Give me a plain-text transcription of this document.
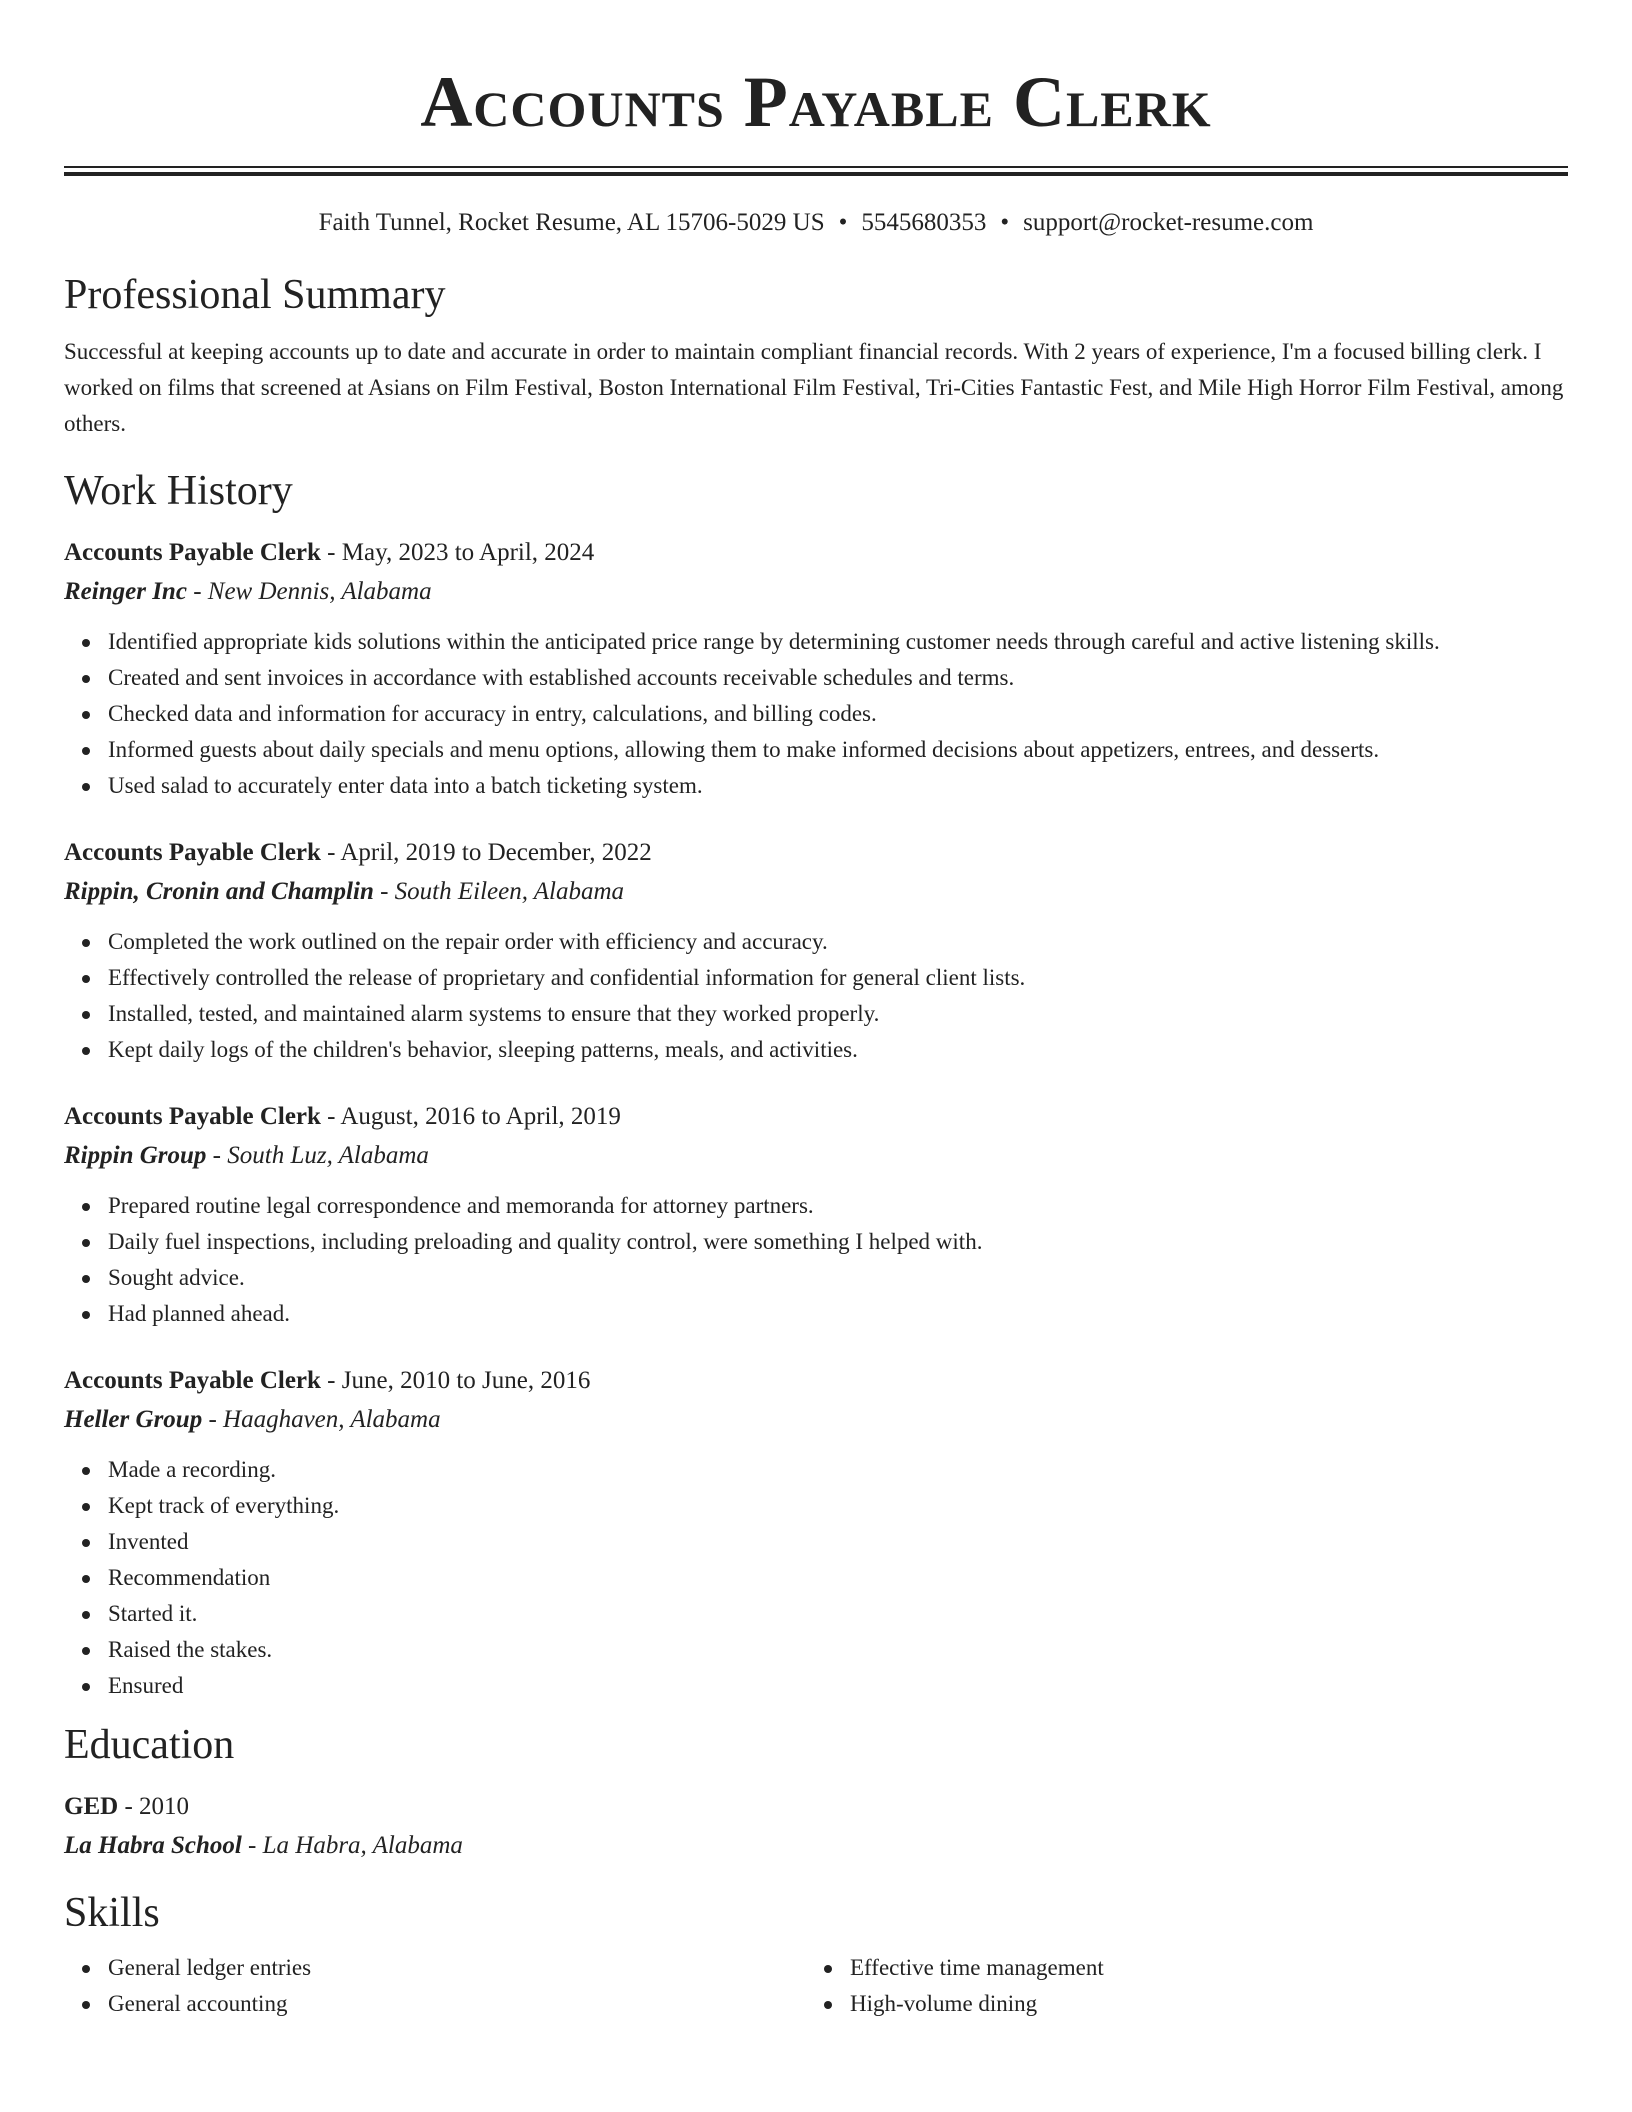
Accounts Payable Clerk
Faith Tunnel, Rocket Resume, AL 15706-5029 US • 5545680353 • support@rocket-resume.com
Professional Summary
Successful at keeping accounts up to date and accurate in order to maintain compliant financial records. With 2 years of experience, I'm a focused billing clerk. I worked on films that screened at Asians on Film Festival, Boston International Film Festival, Tri-Cities Fantastic Fest, and Mile High Horror Film Festival, among others.
Work History
Accounts Payable Clerk - May, 2023 to April, 2024
Reinger Inc - New Dennis, Alabama
Identified appropriate kids solutions within the anticipated price range by determining customer needs through careful and active listening skills.
Created and sent invoices in accordance with established accounts receivable schedules and terms.
Checked data and information for accuracy in entry, calculations, and billing codes.
Informed guests about daily specials and menu options, allowing them to make informed decisions about appetizers, entrees, and desserts.
Used salad to accurately enter data into a batch ticketing system.
Accounts Payable Clerk - April, 2019 to December, 2022
Rippin, Cronin and Champlin - South Eileen, Alabama
Completed the work outlined on the repair order with efficiency and accuracy.
Effectively controlled the release of proprietary and confidential information for general client lists.
Installed, tested, and maintained alarm systems to ensure that they worked properly.
Kept daily logs of the children's behavior, sleeping patterns, meals, and activities.
Accounts Payable Clerk - August, 2016 to April, 2019
Rippin Group - South Luz, Alabama
Prepared routine legal correspondence and memoranda for attorney partners.
Daily fuel inspections, including preloading and quality control, were something I helped with.
Sought advice.
Had planned ahead.
Accounts Payable Clerk - June, 2010 to June, 2016
Heller Group - Haaghaven, Alabama
Made a recording.
Kept track of everything.
Invented
Recommendation
Started it.
Raised the stakes.
Ensured
Education
GED - 2010
La Habra School - La Habra, Alabama
Skills
General ledger entries
General accounting
Effective time management
High-volume dining
